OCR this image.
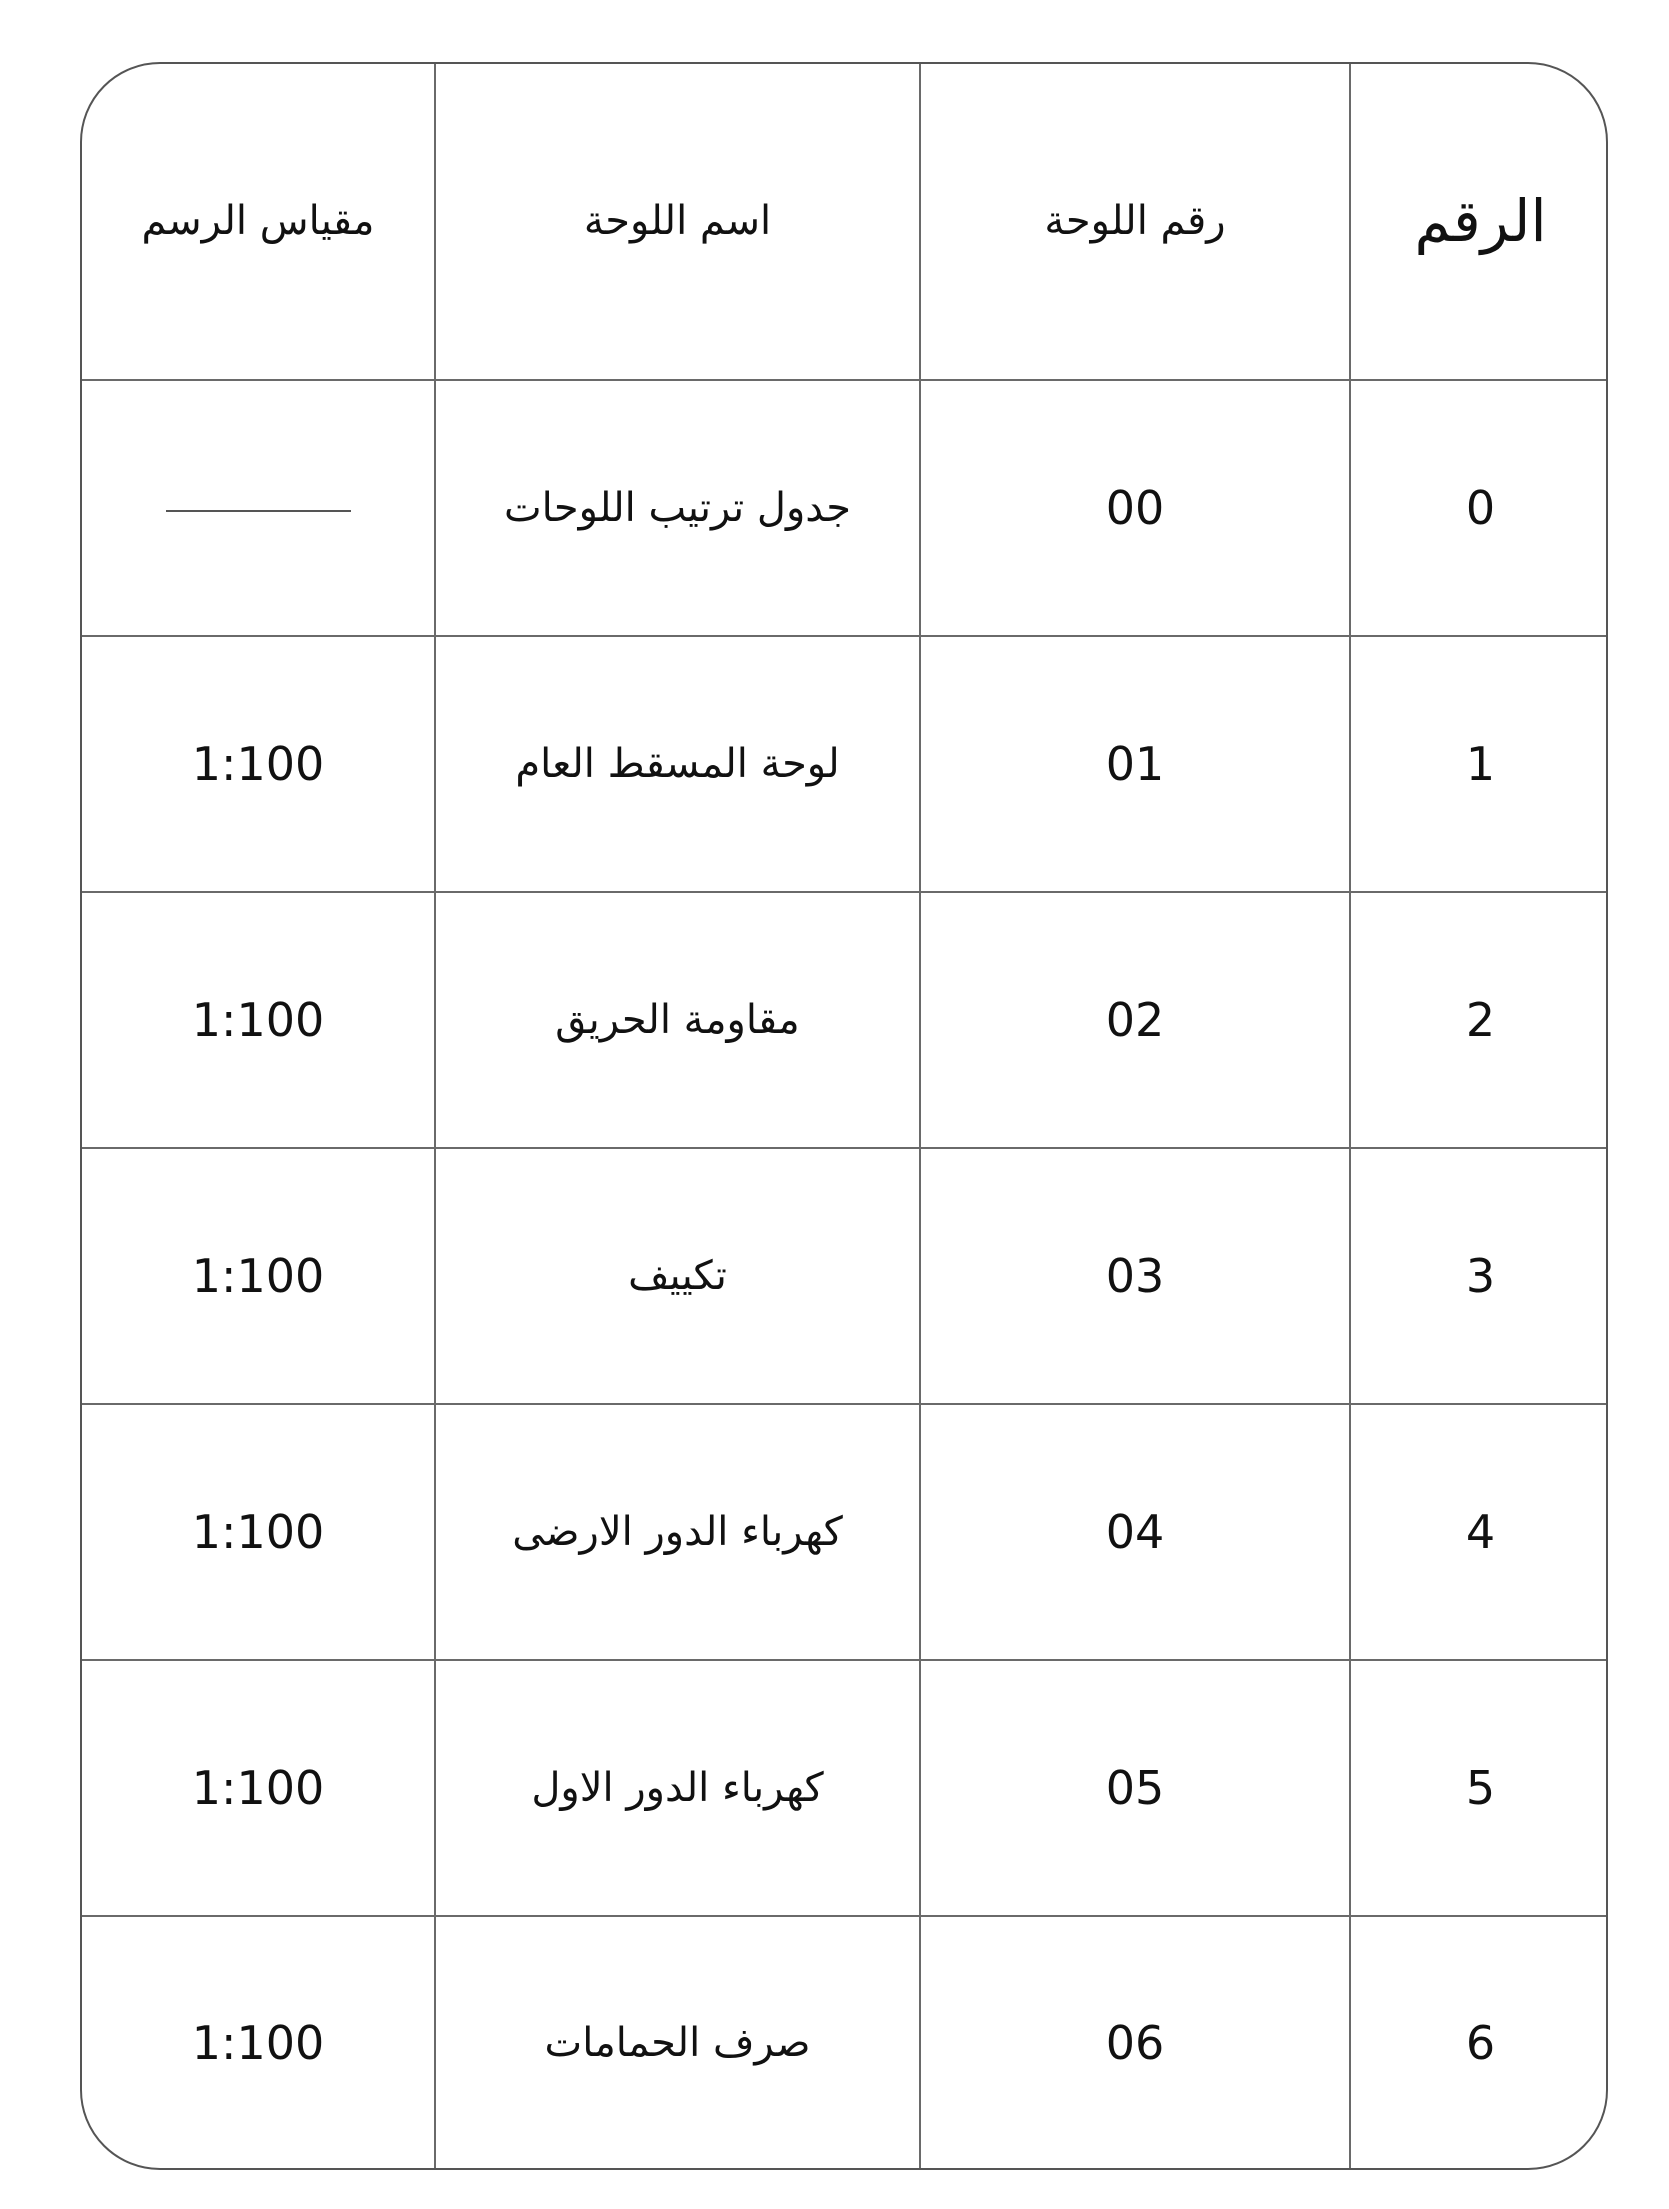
الرقم	رقم اللوحة	اسم اللوحة	مقياس الرسم

0	00	جدول ترتيب اللوحات	

1	01	لوحة المسقط العام	1:100

2	02	مقاومة الحريق	1:100

3	03	تكييف	1:100

4	04	كهرباء الدور الارضى	1:100

5	05	كهرباء الدور الاول	1:100

6	06	صرف الحمامات	1:100
